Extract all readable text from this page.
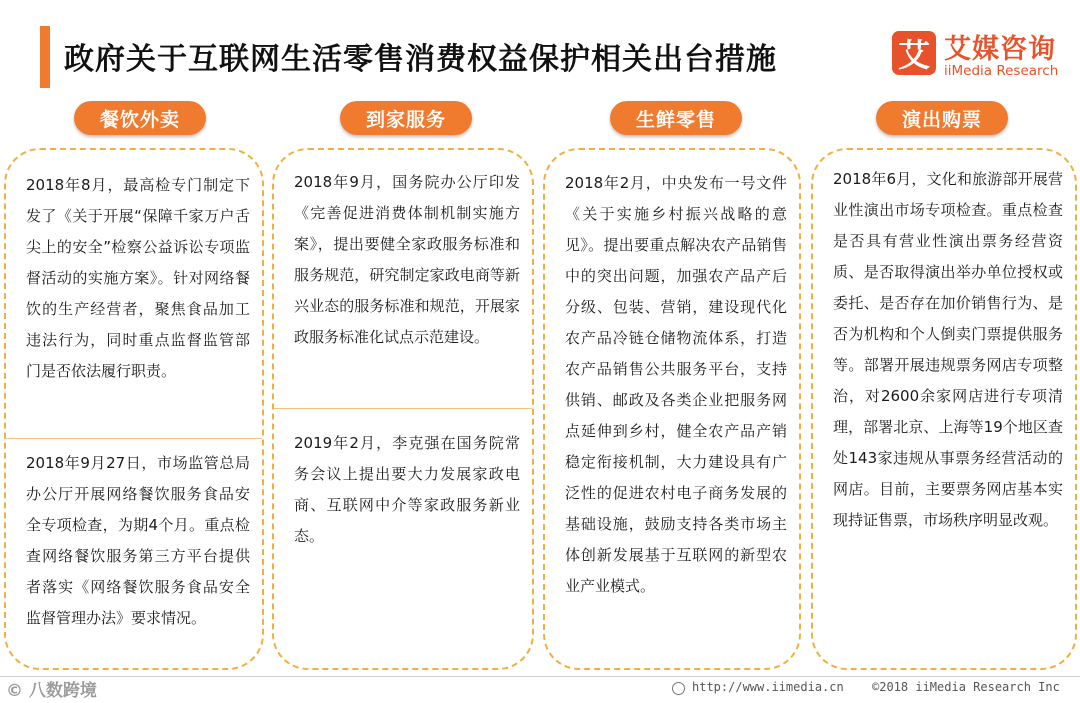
政府关于互联网生活零售消费权益保护相关出台措施	艾 艾媒咨询
iiMedia Research
餐饮外卖	到家服务	生鲜零售	演出购票
2018年8月，最高检专门制定下发了《关于开展“保障千家万户舌尖上的安全”检察公益诉讼专项监督活动的实施方案》。针对网络餐饮的生产经营者，聚焦食品加工违法行为，同时重点监督监管部门是否依法履行职责。
2018年9月27日，市场监管总局办公厅开展网络餐饮服务食品安全专项检查，为期4个月。重点检查网络餐饮服务第三方平台提供者落实《网络餐饮服务食品安全监督管理办法》要求情况。
2018年9月，国务院办公厅印发《完善促进消费体制机制实施方案》，提出要健全家政服务标准和服务规范，研究制定家政电商等新兴业态的服务标准和规范，开展家政服务标准化试点示范建设。
2019年2月，李克强在国务院常务会议上提出要大力发展家政电商、互联网中介等家政服务新业态。
2018年2月，中央发布一号文件《关于实施乡村振兴战略的意见》。提出要重点解决农产品销售中的突出问题，加强农产品产后分级、包装、营销，建设现代化农产品冷链仓储物流体系，打造农产品销售公共服务平台，支持供销、邮政及各类企业把服务网点延伸到乡村，健全农产品产销稳定衔接机制，大力建设具有广泛性的促进农村电子商务发展的基础设施，鼓励支持各类市场主体创新发展基于互联网的新型农业产业模式。
2018年6月，文化和旅游部开展营业性演出市场专项检查。重点检查是否具有营业性演出票务经营资质、是否取得演出举办单位授权或委托、是否存在加价销售行为、是否为机构和个人倒卖门票提供服务等。部署开展违规票务网店专项整治，对2600余家网店进行专项清理，部署北京、上海等19个地区查处143家违规从事票务经营活动的网店。目前，主要票务网店基本实现持证售票，市场秩序明显改观。
© 八数跨境	http://www.iimedia.cn ©2018 iiMedia Research Inc
